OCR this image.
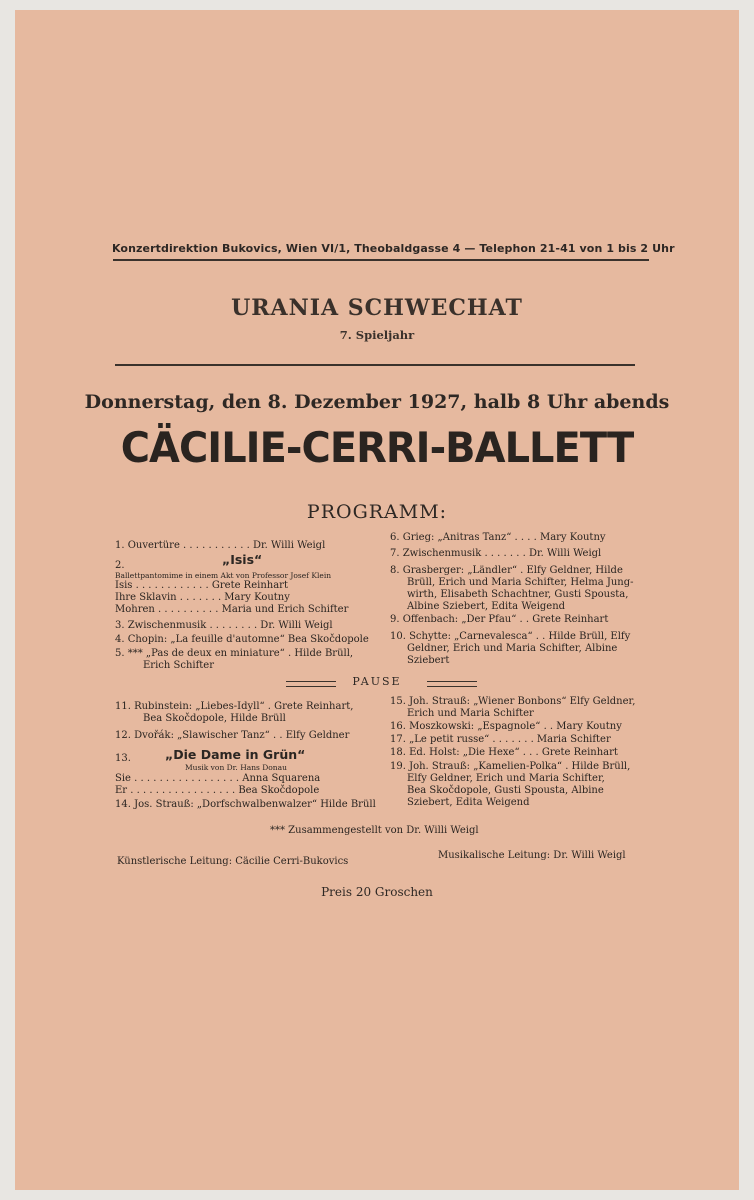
Konzertdirektion Bukovics, Wien VI/1, Theobaldgasse 4 — Telephon 21-41 von 1 bis 2 Uhr
URANIA SCHWECHAT
7. Spieljahr
Donnerstag, den 8. Dezember 1927, halb 8 Uhr abends
CÄCILIE-CERRI-BALLETT
PROGRAMM:
1. Ouvertüre . . . . . . . . . . . Dr. Willi Weigl
2.	„Isis“
Ballettpantomime in einem Akt von Professor Josef Klein
Isis . . . . . . . . . . . . Grete Reinhart
Ihre Sklavin . . . . . . . Mary Koutny
Mohren . . . . . . . . . . Maria und Erich Schifter
3. Zwischenmusik . . . . . . . . Dr. Willi Weigl
4. Chopin: „La feuille d'automne“ Bea Skočdopole
5. *** „Pas de deux en miniature“ . Hilde Brüll,
Erich Schifter
6. Grieg: „Anitras Tanz“ . . . . Mary Koutny
7. Zwischenmusik . . . . . . . Dr. Willi Weigl
8. Grasberger: „Ländler“ . Elfy Geldner, Hilde
Brüll, Erich und Maria Schifter, Helma Jung-
wirth, Elisabeth Schachtner, Gusti Spousta,
Albine Sziebert, Edita Weigend
9. Offenbach: „Der Pfau“ . . Grete Reinhart
10. Schytte: „Carnevalesca“ . . Hilde Brüll, Elfy
Geldner, Erich und Maria Schifter, Albine
Sziebert
PAUSE
11. Rubinstein: „Liebes-Idyll“ . Grete Reinhart,
Bea Skočdopole, Hilde Brüll
12. Dvořák: „Slawischer Tanz“ . . Elfy Geldner
13.	„Die Dame in Grün“
Musik von Dr. Hans Donau
Sie . . . . . . . . . . . . . . . . . Anna Squarena
Er . . . . . . . . . . . . . . . . . Bea Skočdopole
14. Jos. Strauß: „Dorfschwalbenwalzer“ Hilde Brüll
15. Joh. Strauß: „Wiener Bonbons“ Elfy Geldner,
Erich und Maria Schifter
16. Moszkowski: „Espagnole“ . . Mary Koutny
17. „Le petit russe“ . . . . . . . Maria Schifter
18. Ed. Holst: „Die Hexe“ . . . Grete Reinhart
19. Joh. Strauß: „Kamelien-Polka“ . Hilde Brüll,
Elfy Geldner, Erich und Maria Schifter,
Bea Skočdopole, Gusti Spousta, Albine
Sziebert, Edita Weigend
*** Zusammengestellt von Dr. Willi Weigl
Künstlerische Leitung: Cäcilie Cerri-Bukovics
Musikalische Leitung: Dr. Willi Weigl
Preis 20 Groschen
